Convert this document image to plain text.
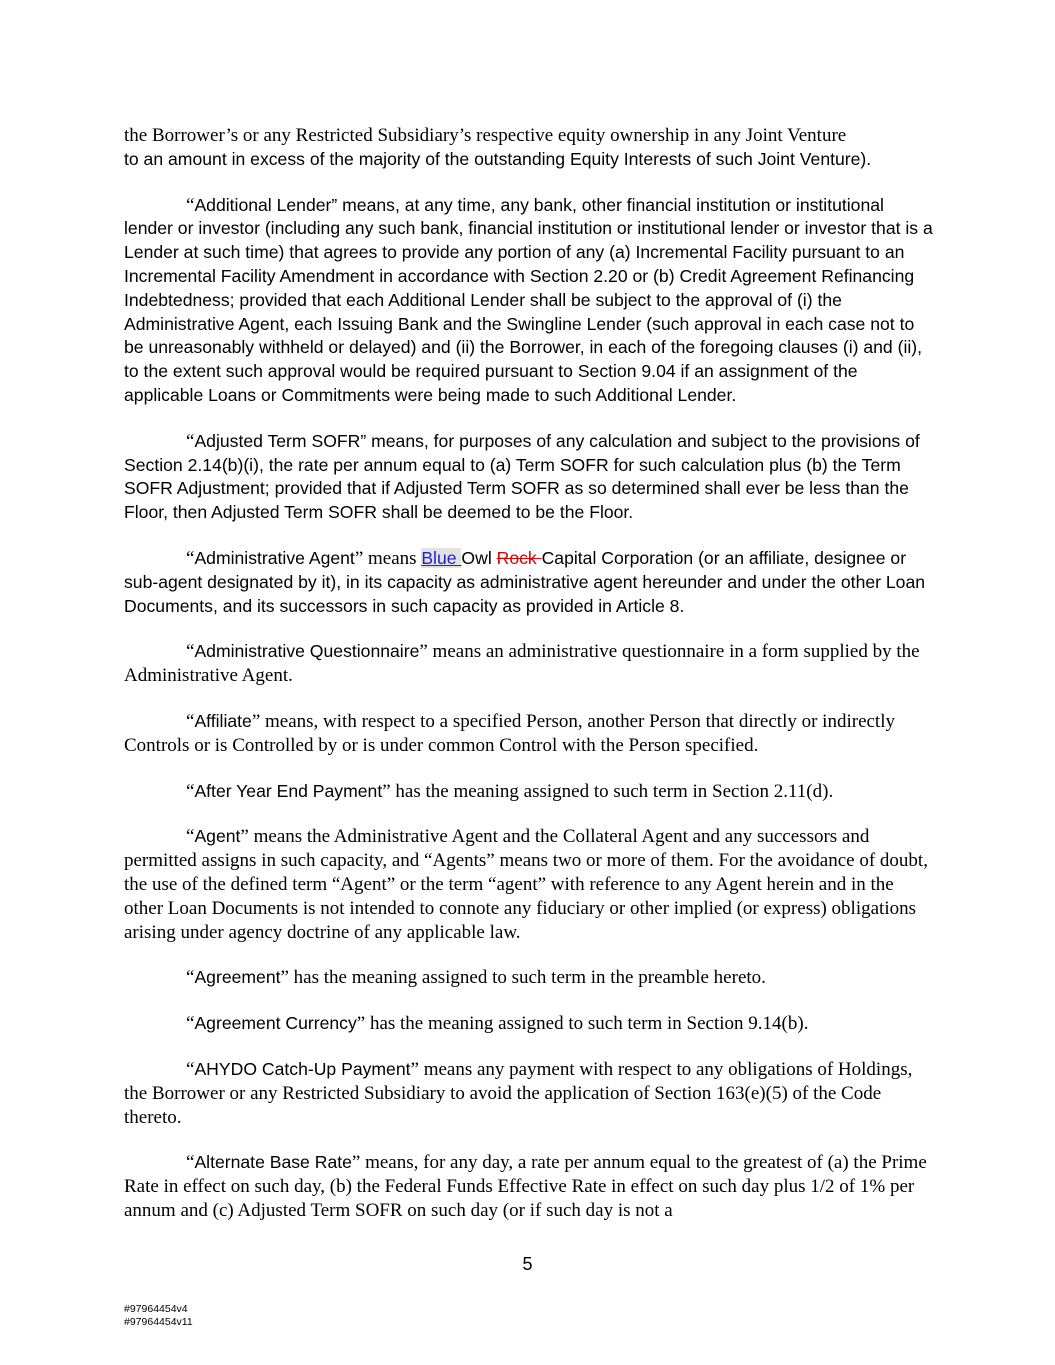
the Borrower’s or any Restricted Subsidiary’s respective equity ownership in any Joint Venture
to an amount in excess of the majority of the outstanding Equity Interests of such Joint Venture).

“Additional Lender” means, at any time, any bank, other financial institution or institutional lender or investor (including any such bank, financial institution or institutional lender or investor that is a Lender at such time) that agrees to provide any portion of any (a) Incremental Facility pursuant to an Incremental Facility Amendment in accordance with Section 2.20 or (b) Credit Agreement Refinancing Indebtedness; provided that each Additional Lender shall be subject to the approval of (i) the Administrative Agent, each Issuing Bank and the Swingline Lender (such approval in each case not to be unreasonably withheld or delayed) and (ii) the Borrower, in each of the foregoing clauses (i) and (ii), to the extent such approval would be required pursuant to Section 9.04 if an assignment of the applicable Loans or Commitments were being made to such Additional Lender.

“Adjusted Term SOFR” means, for purposes of any calculation and subject to the provisions of Section 2.14(b)(i), the rate per annum equal to (a) Term SOFR for such calculation plus (b) the Term SOFR Adjustment; provided that if Adjusted Term SOFR as so determined shall ever be less than the Floor, then Adjusted Term SOFR shall be deemed to be the Floor.

“Administrative Agent” means Blue Owl Rock Capital Corporation (or an affiliate, designee or sub-agent designated by it), in its capacity as administrative agent hereunder and under the other Loan Documents, and its successors in such capacity as provided in Article 8.

“Administrative Questionnaire” means an administrative questionnaire in a form supplied by the Administrative Agent.

“Affiliate” means, with respect to a specified Person, another Person that directly or indirectly Controls or is Controlled by or is under common Control with the Person specified.

“After Year End Payment” has the meaning assigned to such term in Section 2.11(d).

“Agent” means the Administrative Agent and the Collateral Agent and any successors and permitted assigns in such capacity, and “Agents” means two or more of them. For the avoidance of doubt, the use of the defined term “Agent” or the term “agent” with reference to any Agent herein and in the other Loan Documents is not intended to connote any fiduciary or other implied (or express) obligations arising under agency doctrine of any applicable law.

“Agreement” has the meaning assigned to such term in the preamble hereto.

“Agreement Currency” has the meaning assigned to such term in Section 9.14(b).

“AHYDO Catch-Up Payment” means any payment with respect to any obligations of Holdings, the Borrower or any Restricted Subsidiary to avoid the application of Section 163(e)(5) of the Code thereto.

“Alternate Base Rate” means, for any day, a rate per annum equal to the greatest of (a) the Prime Rate in effect on such day, (b) the Federal Funds Effective Rate in effect on such day plus 1/2 of 1% per annum and (c) Adjusted Term SOFR on such day (or if such day is not a

5
#97964454v4
#97964454v11
